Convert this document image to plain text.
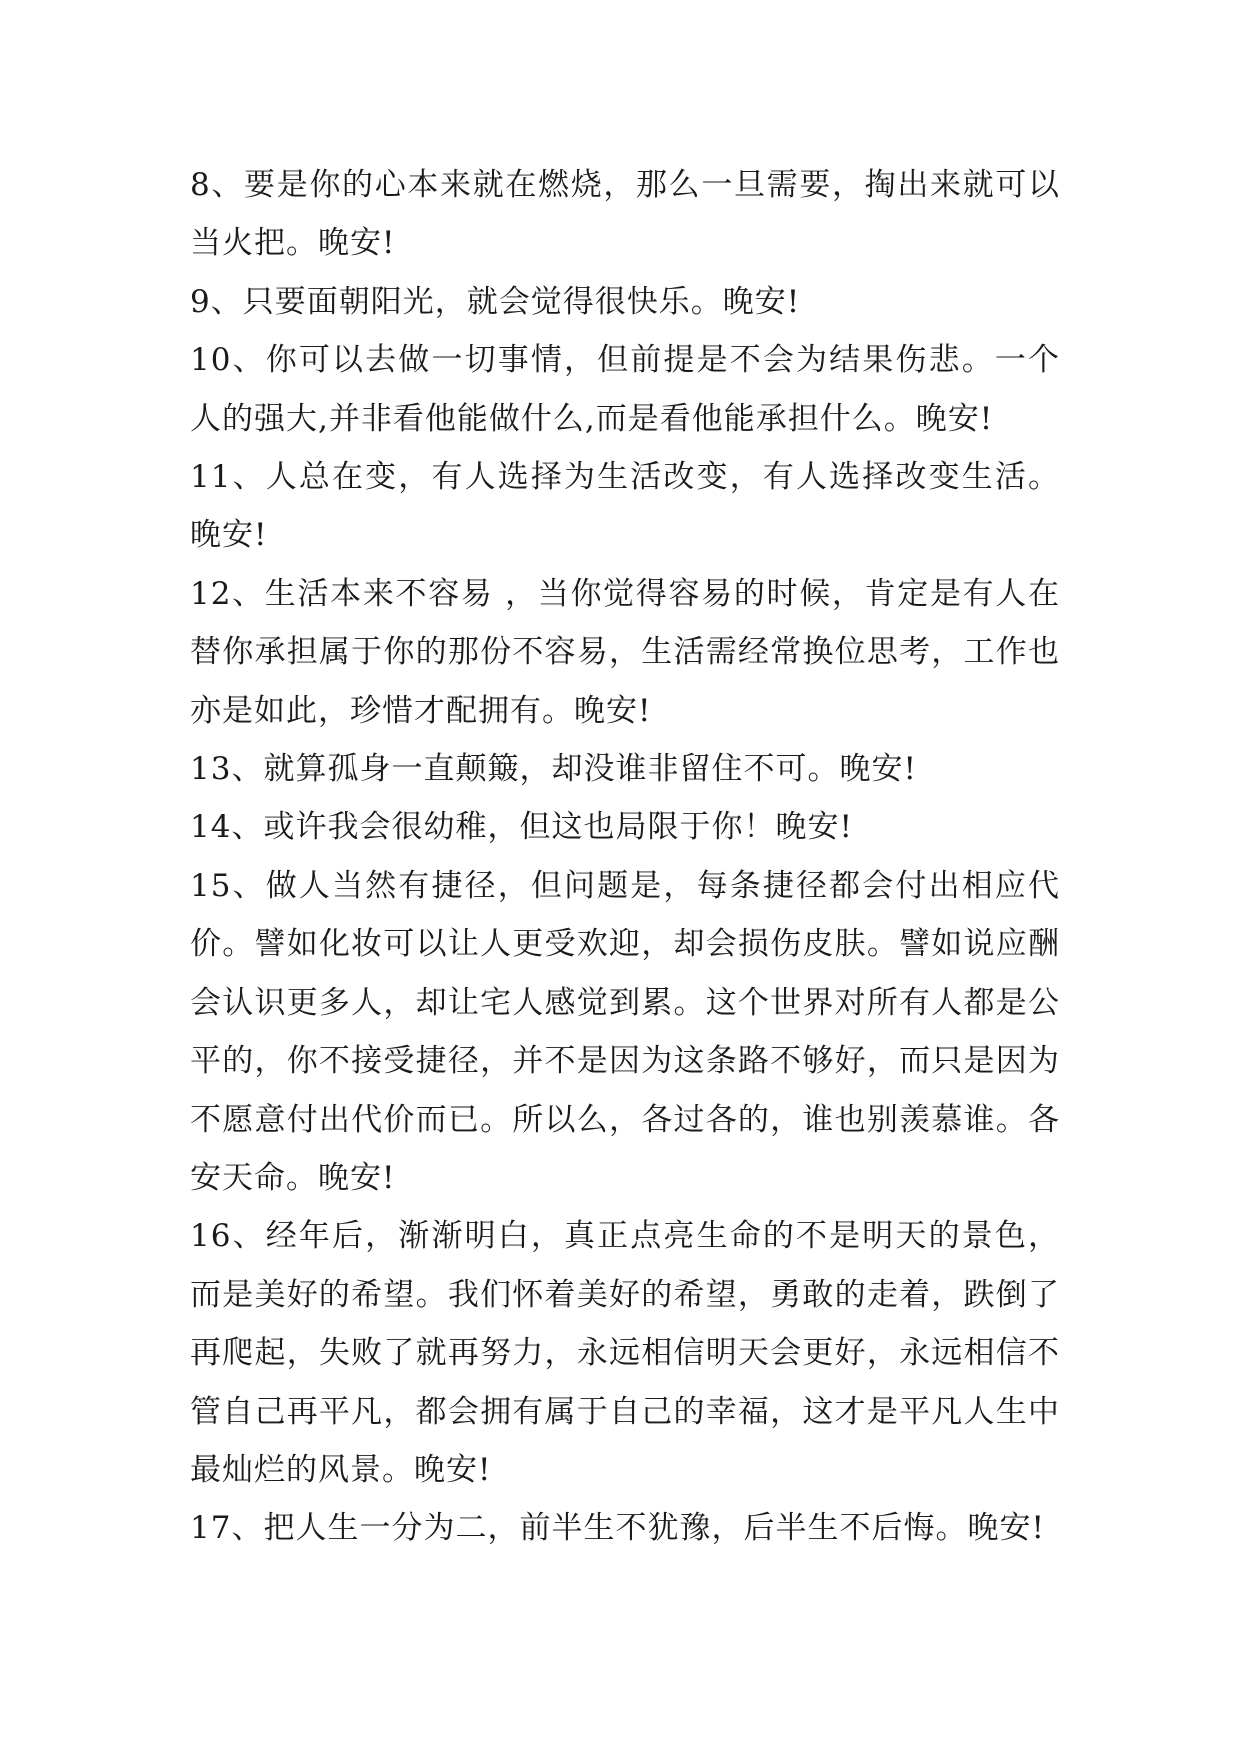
8、要是你的心本来就在燃烧，那么一旦需要，掏出来就可以当火把。晚安!

9、只要面朝阳光，就会觉得很快乐。晚安!

10、你可以去做一切事情，但前提是不会为结果伤悲。一个人的强大,并非看他能做什么,而是看他能承担什么。晚安!

11、人总在变，有人选择为生活改变，有人选择改变生活。晚安!

12、生活本来不容易 ，当你觉得容易的时候，肯定是有人在替你承担属于你的那份不容易，生活需经常换位思考，工作也亦是如此，珍惜才配拥有。晚安!

13、就算孤身一直颠簸，却没谁非留住不可。晚安!

14、或许我会很幼稚，但这也局限于你！晚安!

15、做人当然有捷径，但问题是，每条捷径都会付出相应代价。譬如化妆可以让人更受欢迎，却会损伤皮肤。譬如说应酬会认识更多人，却让宅人感觉到累。这个世界对所有人都是公平的，你不接受捷径，并不是因为这条路不够好，而只是因为不愿意付出代价而已。所以么，各过各的，谁也别羡慕谁。各安天命。晚安!

16、经年后，渐渐明白，真正点亮生命的不是明天的景色，而是美好的希望。我们怀着美好的希望，勇敢的走着，跌倒了再爬起，失败了就再努力，永远相信明天会更好，永远相信不管自己再平凡，都会拥有属于自己的幸福，这才是平凡人生中最灿烂的风景。晚安!

17、把人生一分为二，前半生不犹豫，后半生不后悔。晚安!
